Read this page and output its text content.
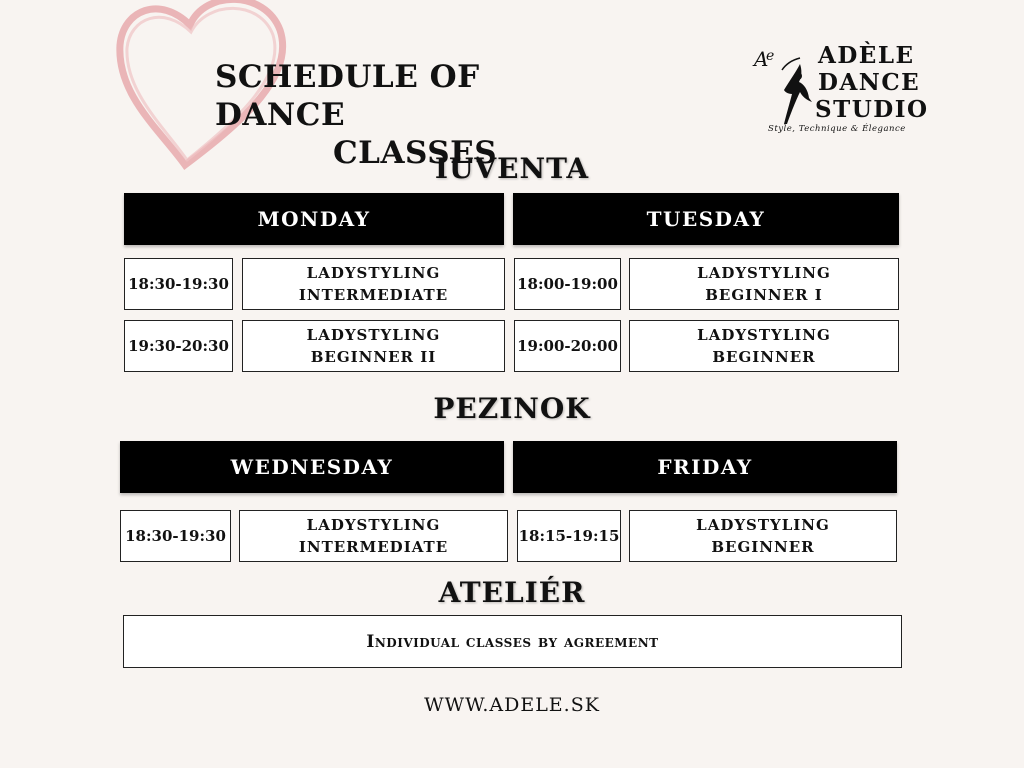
SCHEDULE OF DANCE
CLASSES
A
e ADÈLE
DANCE
STUDIO
Style, Technique & Élegance
IUVENTA
MONDAY	TUESDAY
18:30-19:30
LADYSTYLING
INTERMEDIATE
19:30-20:30
LADYSTYLING
BEGINNER II
18:00-19:00
LADYSTYLING
BEGINNER I
19:00-20:00
LADYSTYLING
BEGINNER
PEZINOK
WEDNESDAY	FRIDAY
18:30-19:30
LADYSTYLING
INTERMEDIATE
18:15-19:15
LADYSTYLING
BEGINNER
ATELIÉR
Individual classes by agreement
WWW.ADELE.SK
